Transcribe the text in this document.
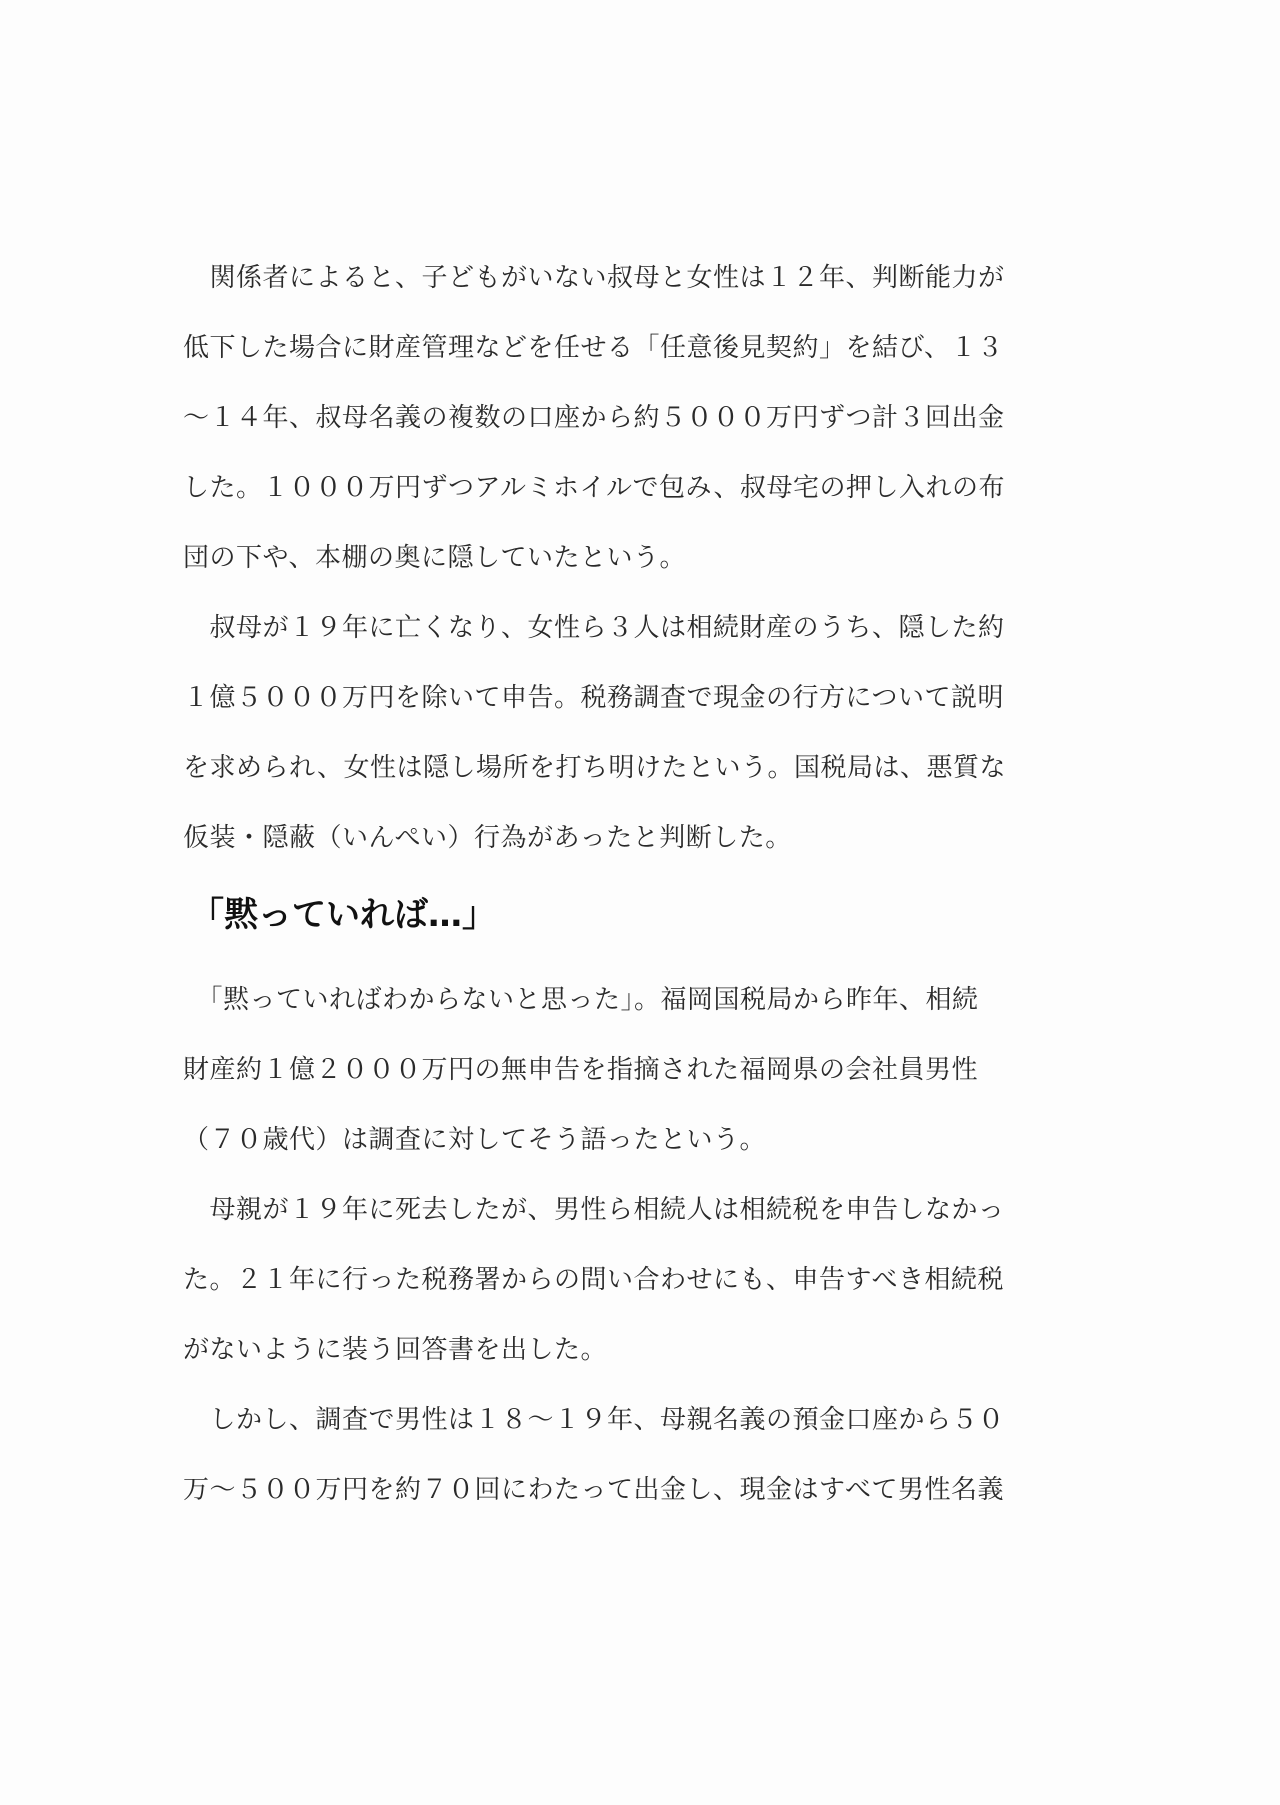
　関係者によると、子どもがいない叔母と女性は１２年、判断能力が
低下した場合に財産管理などを任せる「任意後見契約」を結び、１３
～１４年、叔母名義の複数の口座から約５０００万円ずつ計３回出金
した。１０００万円ずつアルミホイルで包み、叔母宅の押し入れの布
団の下や、本棚の奥に隠していたという。
　叔母が１９年に亡くなり、女性ら３人は相続財産のうち、隠した約
１億５０００万円を除いて申告。税務調査で現金の行方について説明
を求められ、女性は隠し場所を打ち明けたという。国税局は、悪質な
仮装・隠蔽（いんぺい）行為があったと判断した。
「黙っていれば…」
　「黙っていればわからないと思った」。福岡国税局から昨年、相続
財産約１億２０００万円の無申告を指摘された福岡県の会社員男性
（７０歳代）は調査に対してそう語ったという。
　母親が１９年に死去したが、男性ら相続人は相続税を申告しなかっ
た。２１年に行った税務署からの問い合わせにも、申告すべき相続税
がないように装う回答書を出した。
　しかし、調査で男性は１８～１９年、母親名義の預金口座から５０
万～５００万円を約７０回にわたって出金し、現金はすべて男性名義
